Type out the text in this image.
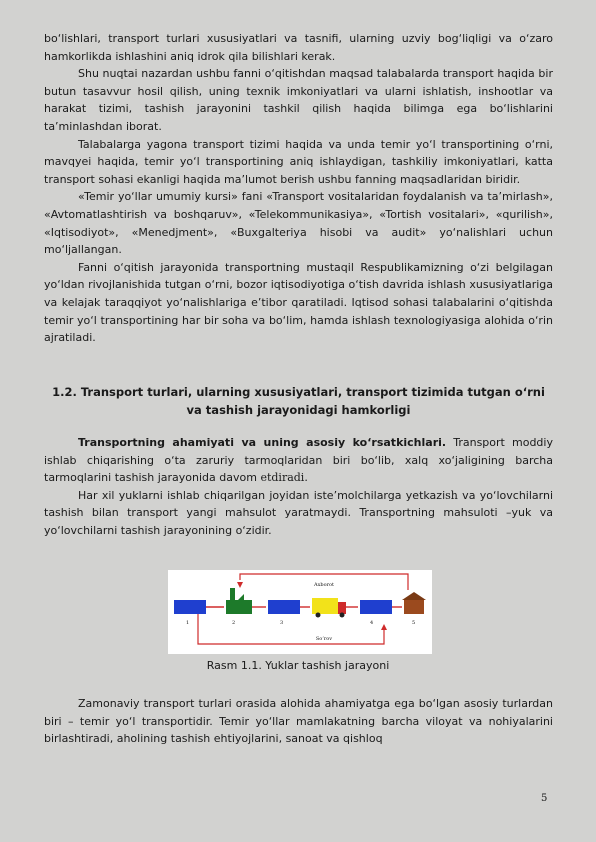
bo‘lishlari, transport turlari xususiyatlari va tasnifi, ularning uzviy bog‘liqligi va o‘zaro hamkorlikda ishlashini aniq idrok qila bilishlari kerak.

Shu nuqtai nazardan ushbu fanni o‘qitishdan maqsad talabalarda transport haqida bir butun tasavvur hosil qilish, uning texnik imkoniyatlari va ularni ishlatish, inshootlar va harakat tizimi, tashish jarayonini tashkil qilish haqida bilimga ega bo‘lishlarini ta’minlashdan iborat.

Talabalarga yagona transport tizimi haqida va unda temir yo‘l transportining o‘rni, mavqyei haqida, temir yo‘l transportining aniq ishlaydigan, tashkiliy imkoniyatlari, katta transport sohasi ekanligi haqida ma’lumot berish ushbu fanning maqsadlaridan biridir.

«Temir yo‘llar umumiy kursi» fani «Transport vositalaridan foydalanish va ta’mirlash», «Avtomatlashtirish va boshqaruv», «Telekommunikasiya», «Tortish vositalari», «qurilish», «Iqtisodiyot», «Menedjment», «Buxgalteriya hisobi va audit» yo‘nalishlari uchun mo‘ljallangan.

Fanni o‘qitish jarayonida transportning mustaqil Respublikamizning o‘zi belgilagan yo‘ldan rivojlanishida tutgan o‘rni, bozor iqtisodiyotiga o‘tish davrida ishlash xususiyatlariga va kelajak taraqqiyot yo‘nalishlariga e’tibor qaratiladi. Iqtisod sohasi talabalarini o‘qitishda temir yo‘l transportining har bir soha va bo‘lim, hamda ishlash texnologiyasiga alohida o‘rin ajratiladi.

1.2. Transport turlari, ularning xususiyatlari, transport tizimida tutgan o‘rni
va tashish jarayonidagi hamkorligi

Transportning ahamiyati va uning asosiy ko‘rsatkichlari. Transport moddiy ishlab chiqarishing o‘ta zaruriy tarmoqlaridan biri bo‘lib, xalq xo‘jaligining barcha tarmoqlarini tashish jarayonida davom etdiradi.

Har xil yuklarni ishlab chiqarilgan joyidan iste’molchilarga yetkazish va yo‘lovchilarni tashish bilan transport yangi mahsulot yaratmaydi. Transportning mahsuloti –yuk va yo‘lovchilarni tashish jarayonining o‘zidir.

Axborot
So‘rov
1	2	3	4	5
Rasm 1.1. Yuklar tashish jarayoni

Zamonaviy transport turlari orasida alohida ahamiyatga ega bo‘lgan asosiy turlardan biri – temir yo‘l transportidir. Temir yo‘llar mamlakatning barcha viloyat va nohiyalarini birlashtiradi, aholining tashish ehtiyojlarini, sanoat va qishloq

5
